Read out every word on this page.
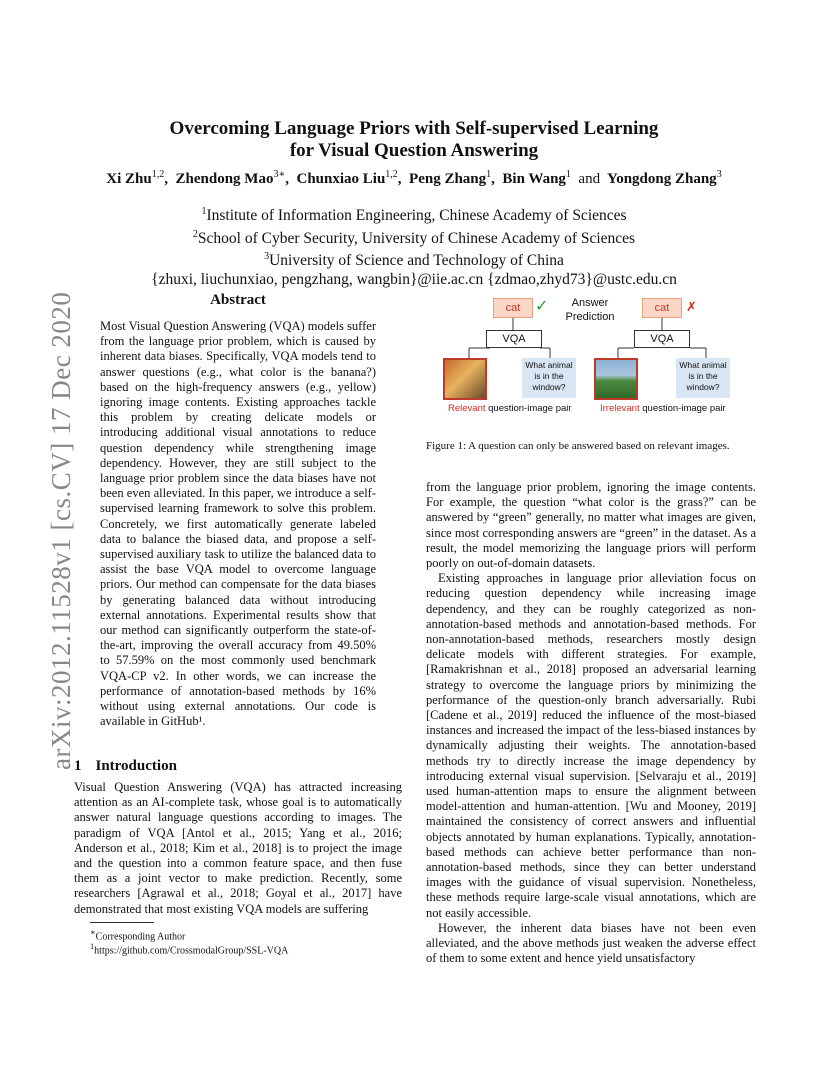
Overcoming Language Priors with Self-supervised Learning
for Visual Question Answering
Xi Zhu$^{1,2}$,  Zhendong Mao$^{3∗}$,  Chunxiao Liu$^{1,2}$,  Peng Zhang$^1$,  Bin Wang$^1$ and Yongdong Zhang$^3$
$^1$Institute of Information Engineering, Chinese Academy of Sciences
$^2$School of Cyber Security, University of Chinese Academy of Sciences
$^3$University of Science and Technology of China
{zhuxi, liuchunxiao, pengzhang, wangbin}@iie.ac.cn {zdmao,zhyd73}@ustc.edu.cn
arXiv:2012.11528v1 [cs.CV] 17 Dec 2020	Abstract
Most Visual Question Answering (VQA) models suffer from the language prior problem, which is caused by inherent data biases. Specifically, VQA models tend to answer questions (e.g., what color is the banana?) based on the high-frequency answers (e.g., yellow) ignoring image contents. Existing approaches tackle this problem by creating delicate models or introducing additional visual annotations to reduce question dependency while strengthening image dependency. However, they are still subject to the language prior problem since the data biases have not been even alleviated. In this paper, we introduce a self-supervised learning framework to solve this problem. Concretely, we first automatically generate labeled data to balance the biased data, and propose a self-supervised auxiliary task to utilize the balanced data to assist the base VQA model to overcome language priors. Our method can compensate for the data biases by generating balanced data without introducing external annotations. Experimental results show that our method can significantly outperform the state-of-the-art, improving the overall accuracy from 49.50% to 57.59% on the most commonly used benchmark VQA-CP v2. In other words, we can increase the performance of annotation-based methods by 16% without using external annotations. Our code is available in GitHub¹.
cat ✓	Answer
Prediction
cat	✗
VQA	VQA
What animal
is in the
window?
What animal
is in the
window?
Relevant question-image pair	Irrelevant question-image pair
Figure 1: A question can only be answered based on relevant images.
1 Introduction

Visual Question Answering (VQA) has attracted increasing attention as an AI-complete task, whose goal is to automatically answer natural language questions according to images. The paradigm of VQA [Antol et al., 2015; Yang et al., 2016; Anderson et al., 2018; Kim et al., 2018] is to project the image and the question into a common feature space, and then fuse them as a joint vector to make prediction. Recently, some researchers [Agrawal et al., 2018; Goyal et al., 2017] have demonstrated that most existing VQA models are suffering

from the language prior problem, ignoring the image contents. For example, the question “what color is the grass?” can be answered by “green” generally, no matter what images are given, since most corresponding answers are “green” in the dataset. As a result, the model memorizing the language priors will perform poorly on out-of-domain datasets.

Existing approaches in language prior alleviation focus on reducing question dependency while increasing image dependency, and they can be roughly categorized as non-annotation-based methods and annotation-based methods. For non-annotation-based methods, researchers mostly design delicate models with different strategies. For example, [Ramakrishnan et al., 2018] proposed an adversarial learning strategy to overcome the language priors by minimizing the performance of the question-only branch adversarially. Rubi [Cadene et al., 2019] reduced the influence of the most-biased instances and increased the impact of the less-biased instances by dynamically adjusting their weights. The annotation-based methods try to directly increase the image dependency by introducing external visual supervision. [Selvaraju et al., 2019] used human-attention maps to ensure the alignment between model-attention and human-attention. [Wu and Mooney, 2019] maintained the consistency of correct answers and influential objects annotated by human explanations. Typically, annotation-based methods can achieve better performance than non-annotation-based methods, since they can better understand images with the guidance of visual supervision. Nonetheless, these methods require large-scale visual annotations, which are not easily accessible.

However, the inherent data biases have not been even alleviated, and the above methods just weaken the adverse effect of them to some extent and hence yield unsatisfactory

∗Corresponding Author
$^1$https://github.com/CrossmodalGroup/SSL-VQA
